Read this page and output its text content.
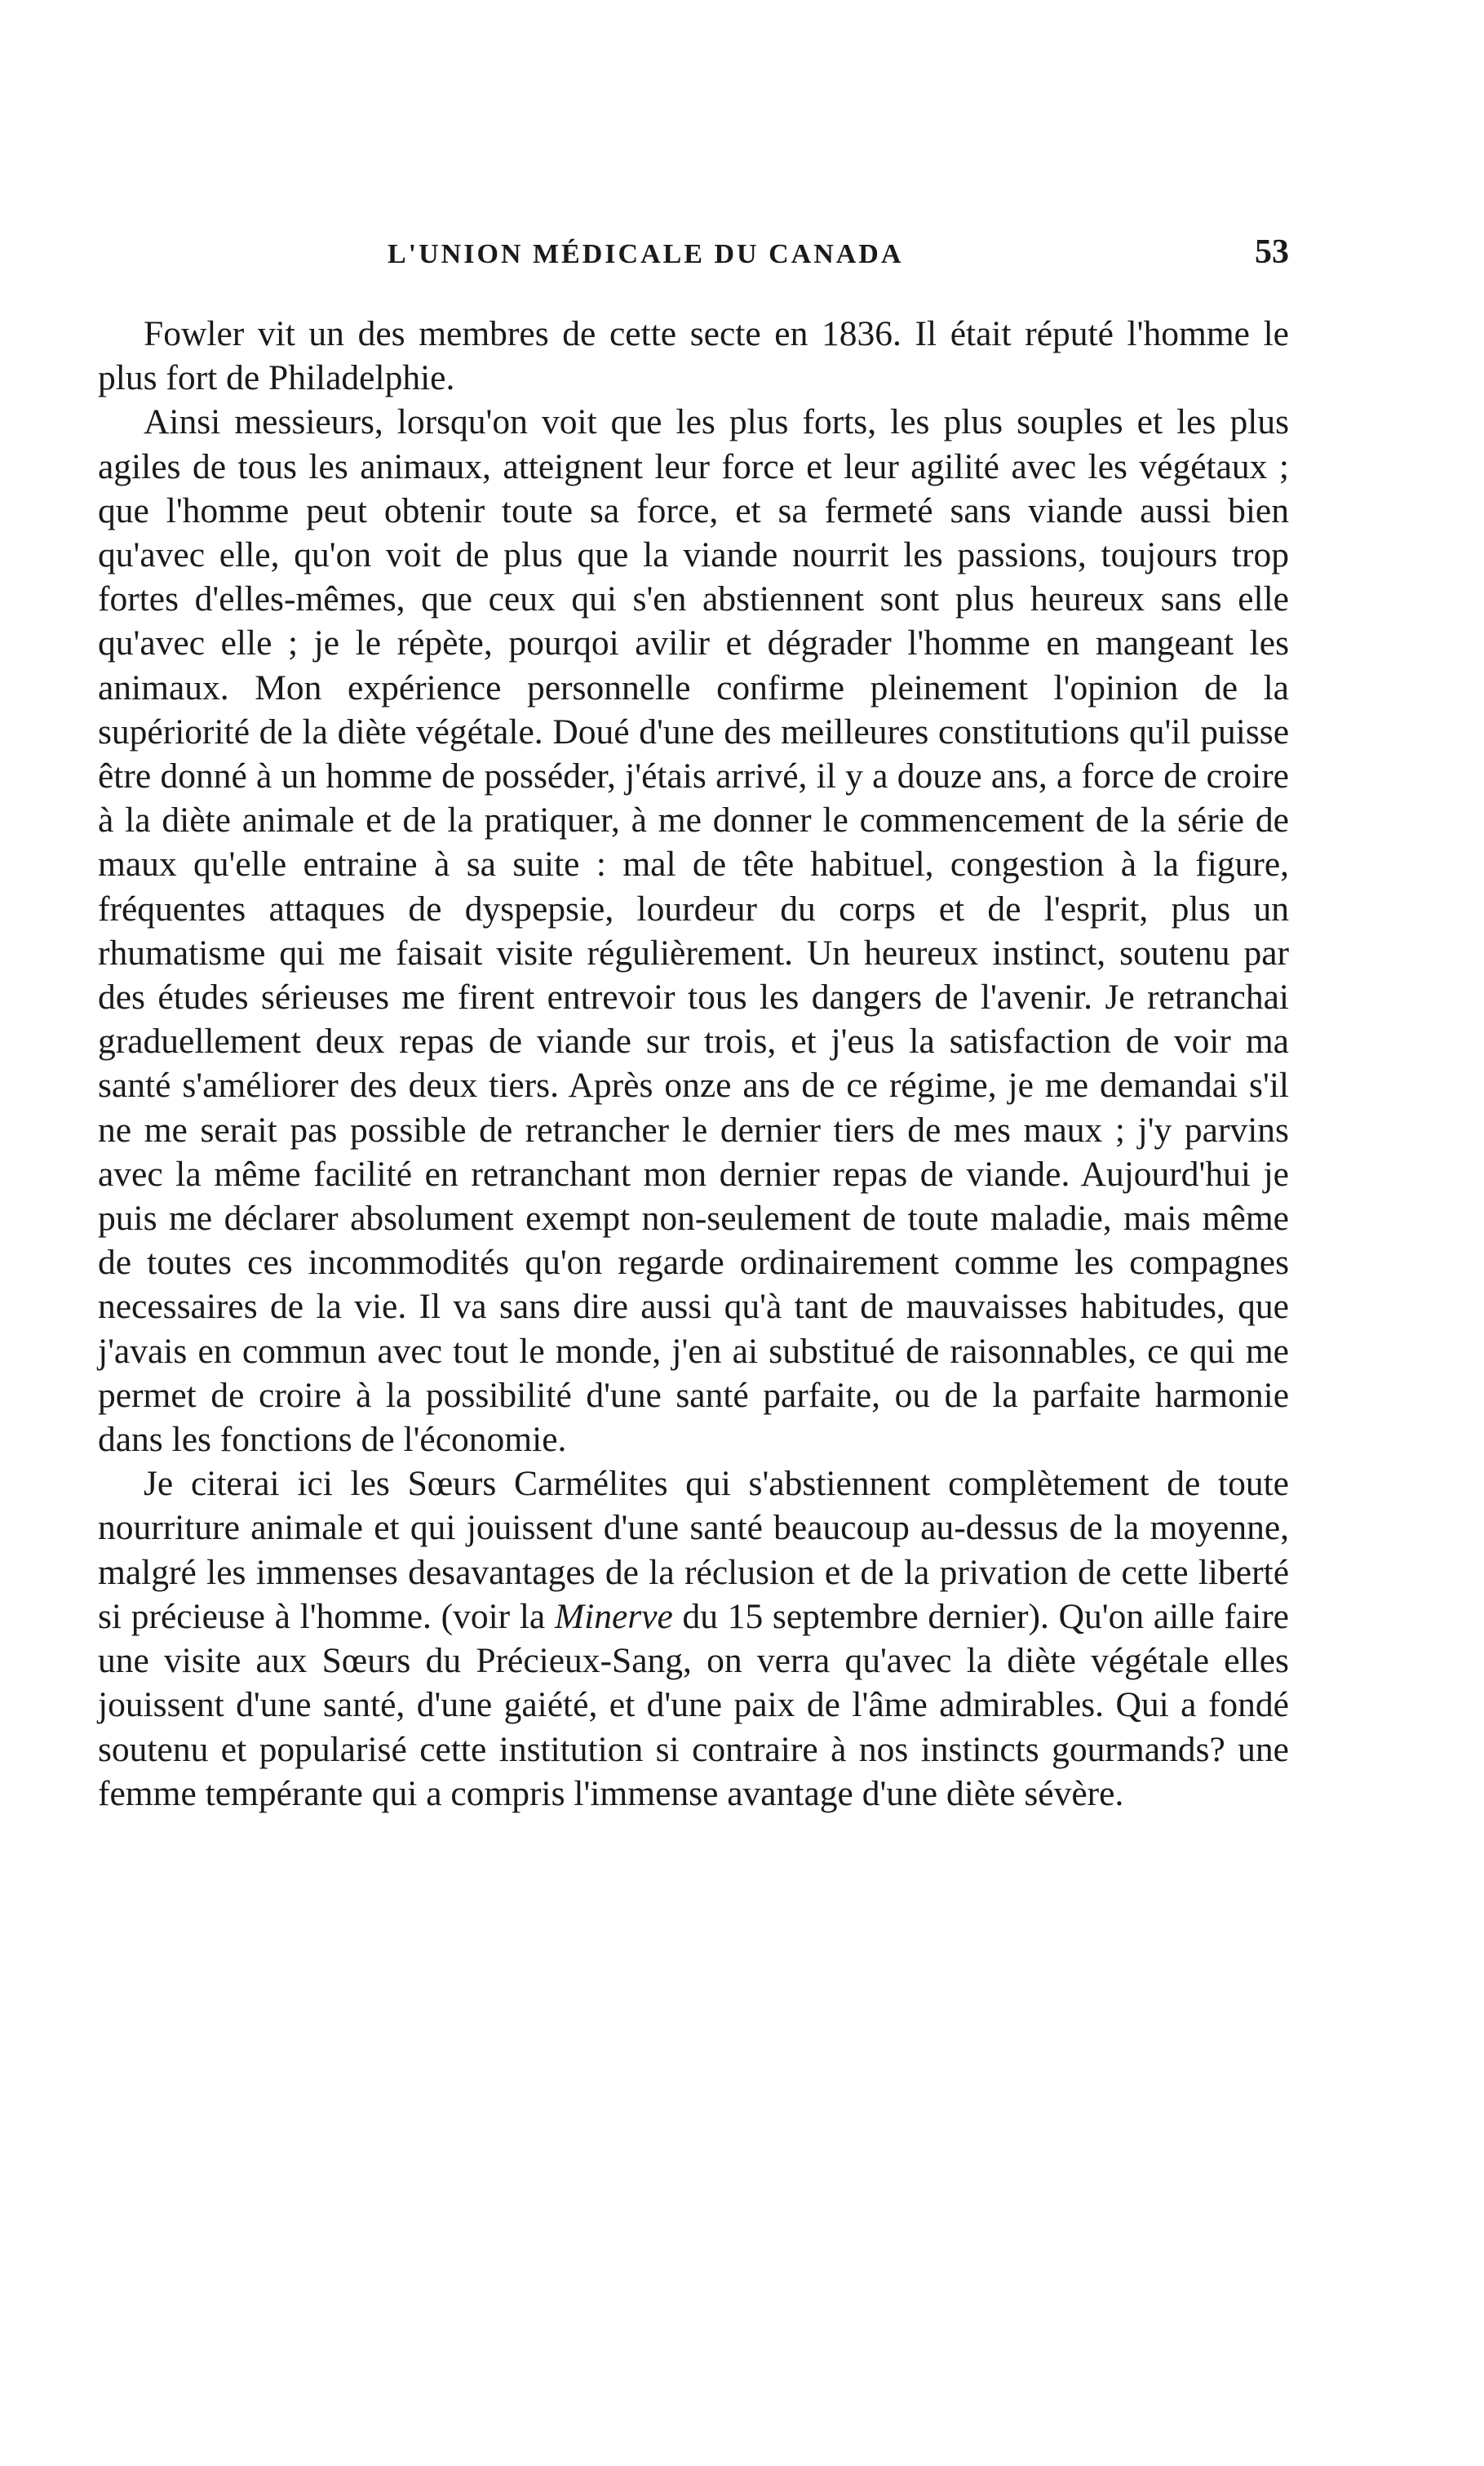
L'UNION MÉDICALE DU CANADA	53

Fowler vit un des membres de cette secte en 1836. Il était réputé l'homme le plus fort de Philadelphie.

Ainsi messieurs, lorsqu'on voit que les plus forts, les plus souples et les plus agiles de tous les animaux, atteignent leur force et leur agilité avec les végétaux ; que l'homme peut obtenir toute sa force, et sa fermeté sans viande aussi bien qu'avec elle, qu'on voit de plus que la viande nourrit les passions, toujours trop fortes d'elles-mêmes, que ceux qui s'en abstiennent sont plus heureux sans elle qu'avec elle ; je le répète, pourqoi avilir et dégrader l'homme en mangeant les animaux. Mon expérience personnelle confirme pleinement l'opinion de la supériorité de la diète végétale. Doué d'une des meilleures constitutions qu'il puisse être donné à un homme de posséder, j'étais arrivé, il y a douze ans, a force de croire à la diète animale et de la pratiquer, à me donner le commencement de la série de maux qu'elle entraine à sa suite : mal de tête habituel, congestion à la figure, fréquentes attaques de dyspepsie, lourdeur du corps et de l'esprit, plus un rhumatisme qui me faisait visite régulièrement. Un heureux instinct, soutenu par des études sérieuses me firent entrevoir tous les dangers de l'avenir. Je retranchai graduellement deux repas de viande sur trois, et j'eus la satisfaction de voir ma santé s'améliorer des deux tiers. Après onze ans de ce régime, je me demandai s'il ne me serait pas possible de retrancher le dernier tiers de mes maux ; j'y parvins avec la même facilité en retranchant mon dernier repas de viande. Aujourd'hui je puis me déclarer absolument exempt non-seulement de toute maladie, mais même de toutes ces incommodités qu'on regarde ordinairement comme les compagnes necessaires de la vie. Il va sans dire aussi qu'à tant de mauvaisses habitudes, que j'avais en commun avec tout le monde, j'en ai substitué de raisonnables, ce qui me permet de croire à la possibilité d'une santé parfaite, ou de la parfaite harmonie dans les fonctions de l'économie.

Je citerai ici les Sœurs Carmélites qui s'abstiennent complètement de toute nourriture animale et qui jouissent d'une santé beaucoup au-dessus de la moyenne, malgré les immenses desavantages de la réclusion et de la privation de cette liberté si précieuse à l'homme. (voir la Minerve du 15 septembre dernier). Qu'on aille faire une visite aux Sœurs du Précieux-Sang, on verra qu'avec la diète végétale elles jouissent d'une santé, d'une gaiété, et d'une paix de l'âme admirables. Qui a fondé soutenu et popularisé cette institution si contraire à nos instincts gourmands? une femme tempérante qui a compris l'immense avantage d'une diète sévère.
